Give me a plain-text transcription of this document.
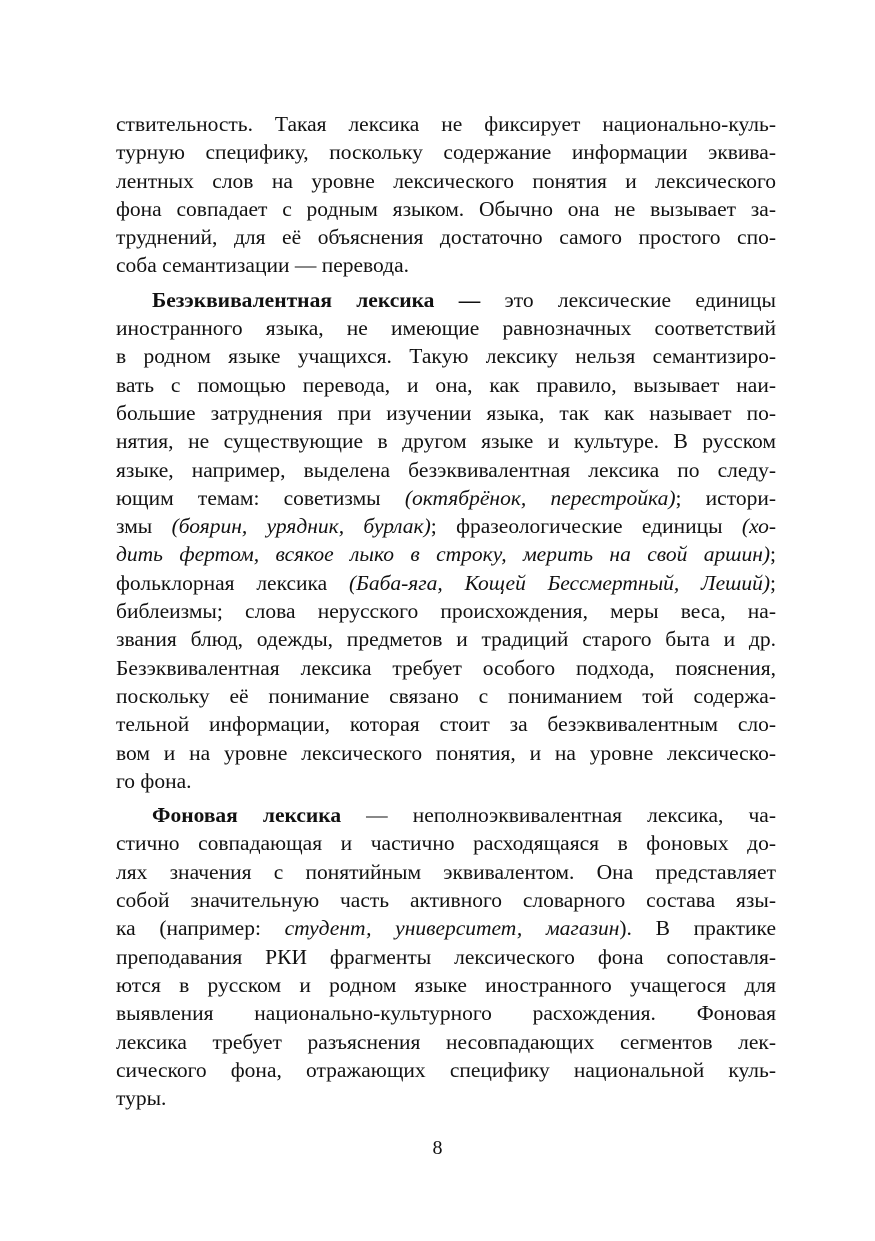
ствительность. Такая лексика не фиксирует национально-куль-
турную специфику, поскольку содержание информации эквива-
лентных слов на уровне лексического понятия и лексического
фона совпадает с родным языком. Обычно она не вызывает за-
труднений, для её объяснения достаточно самого простого спо-
соба семантизации — перевода.
Безэквивалентная лексика — это лексические единицы
иностранного языка, не имеющие равнозначных соответствий
в родном языке учащихся. Такую лексику нельзя семантизиро-
вать с помощью перевода, и она, как правило, вызывает наи-
большие затруднения при изучении языка, так как называет по-
нятия, не существующие в другом языке и культуре. В русском
языке, например, выделена безэквивалентная лексика по следу-
ющим темам: советизмы (октябрёнок, перестройка); истори-
змы (боярин, урядник, бурлак); фразеологические единицы (хо-
дить фертом, всякое лыко в строку, мерить на свой аршин);
фольклорная лексика (Баба-яга, Кощей Бессмертный, Леший);
библеизмы; слова нерусского происхождения, меры веса, на-
звания блюд, одежды, предметов и традиций старого быта и др.
Безэквивалентная лексика требует особого подхода, пояснения,
поскольку её понимание связано с пониманием той содержа-
тельной информации, которая стоит за безэквивалентным сло-
вом и на уровне лексического понятия, и на уровне лексическо-
го фона.
Фоновая лексика — неполноэквивалентная лексика, ча-
стично совпадающая и частично расходящаяся в фоновых до-
лях значения с понятийным эквивалентом. Она представляет
собой значительную часть активного словарного состава язы-
ка (например: студент, университет, магазин). В практике
преподавания РКИ фрагменты лексического фона сопоставля-
ются в русском и родном языке иностранного учащегося для
выявления национально-культурного расхождения. Фоновая
лексика требует разъяснения несовпадающих сегментов лек-
сического фона, отражающих специфику национальной куль-
туры.
8
